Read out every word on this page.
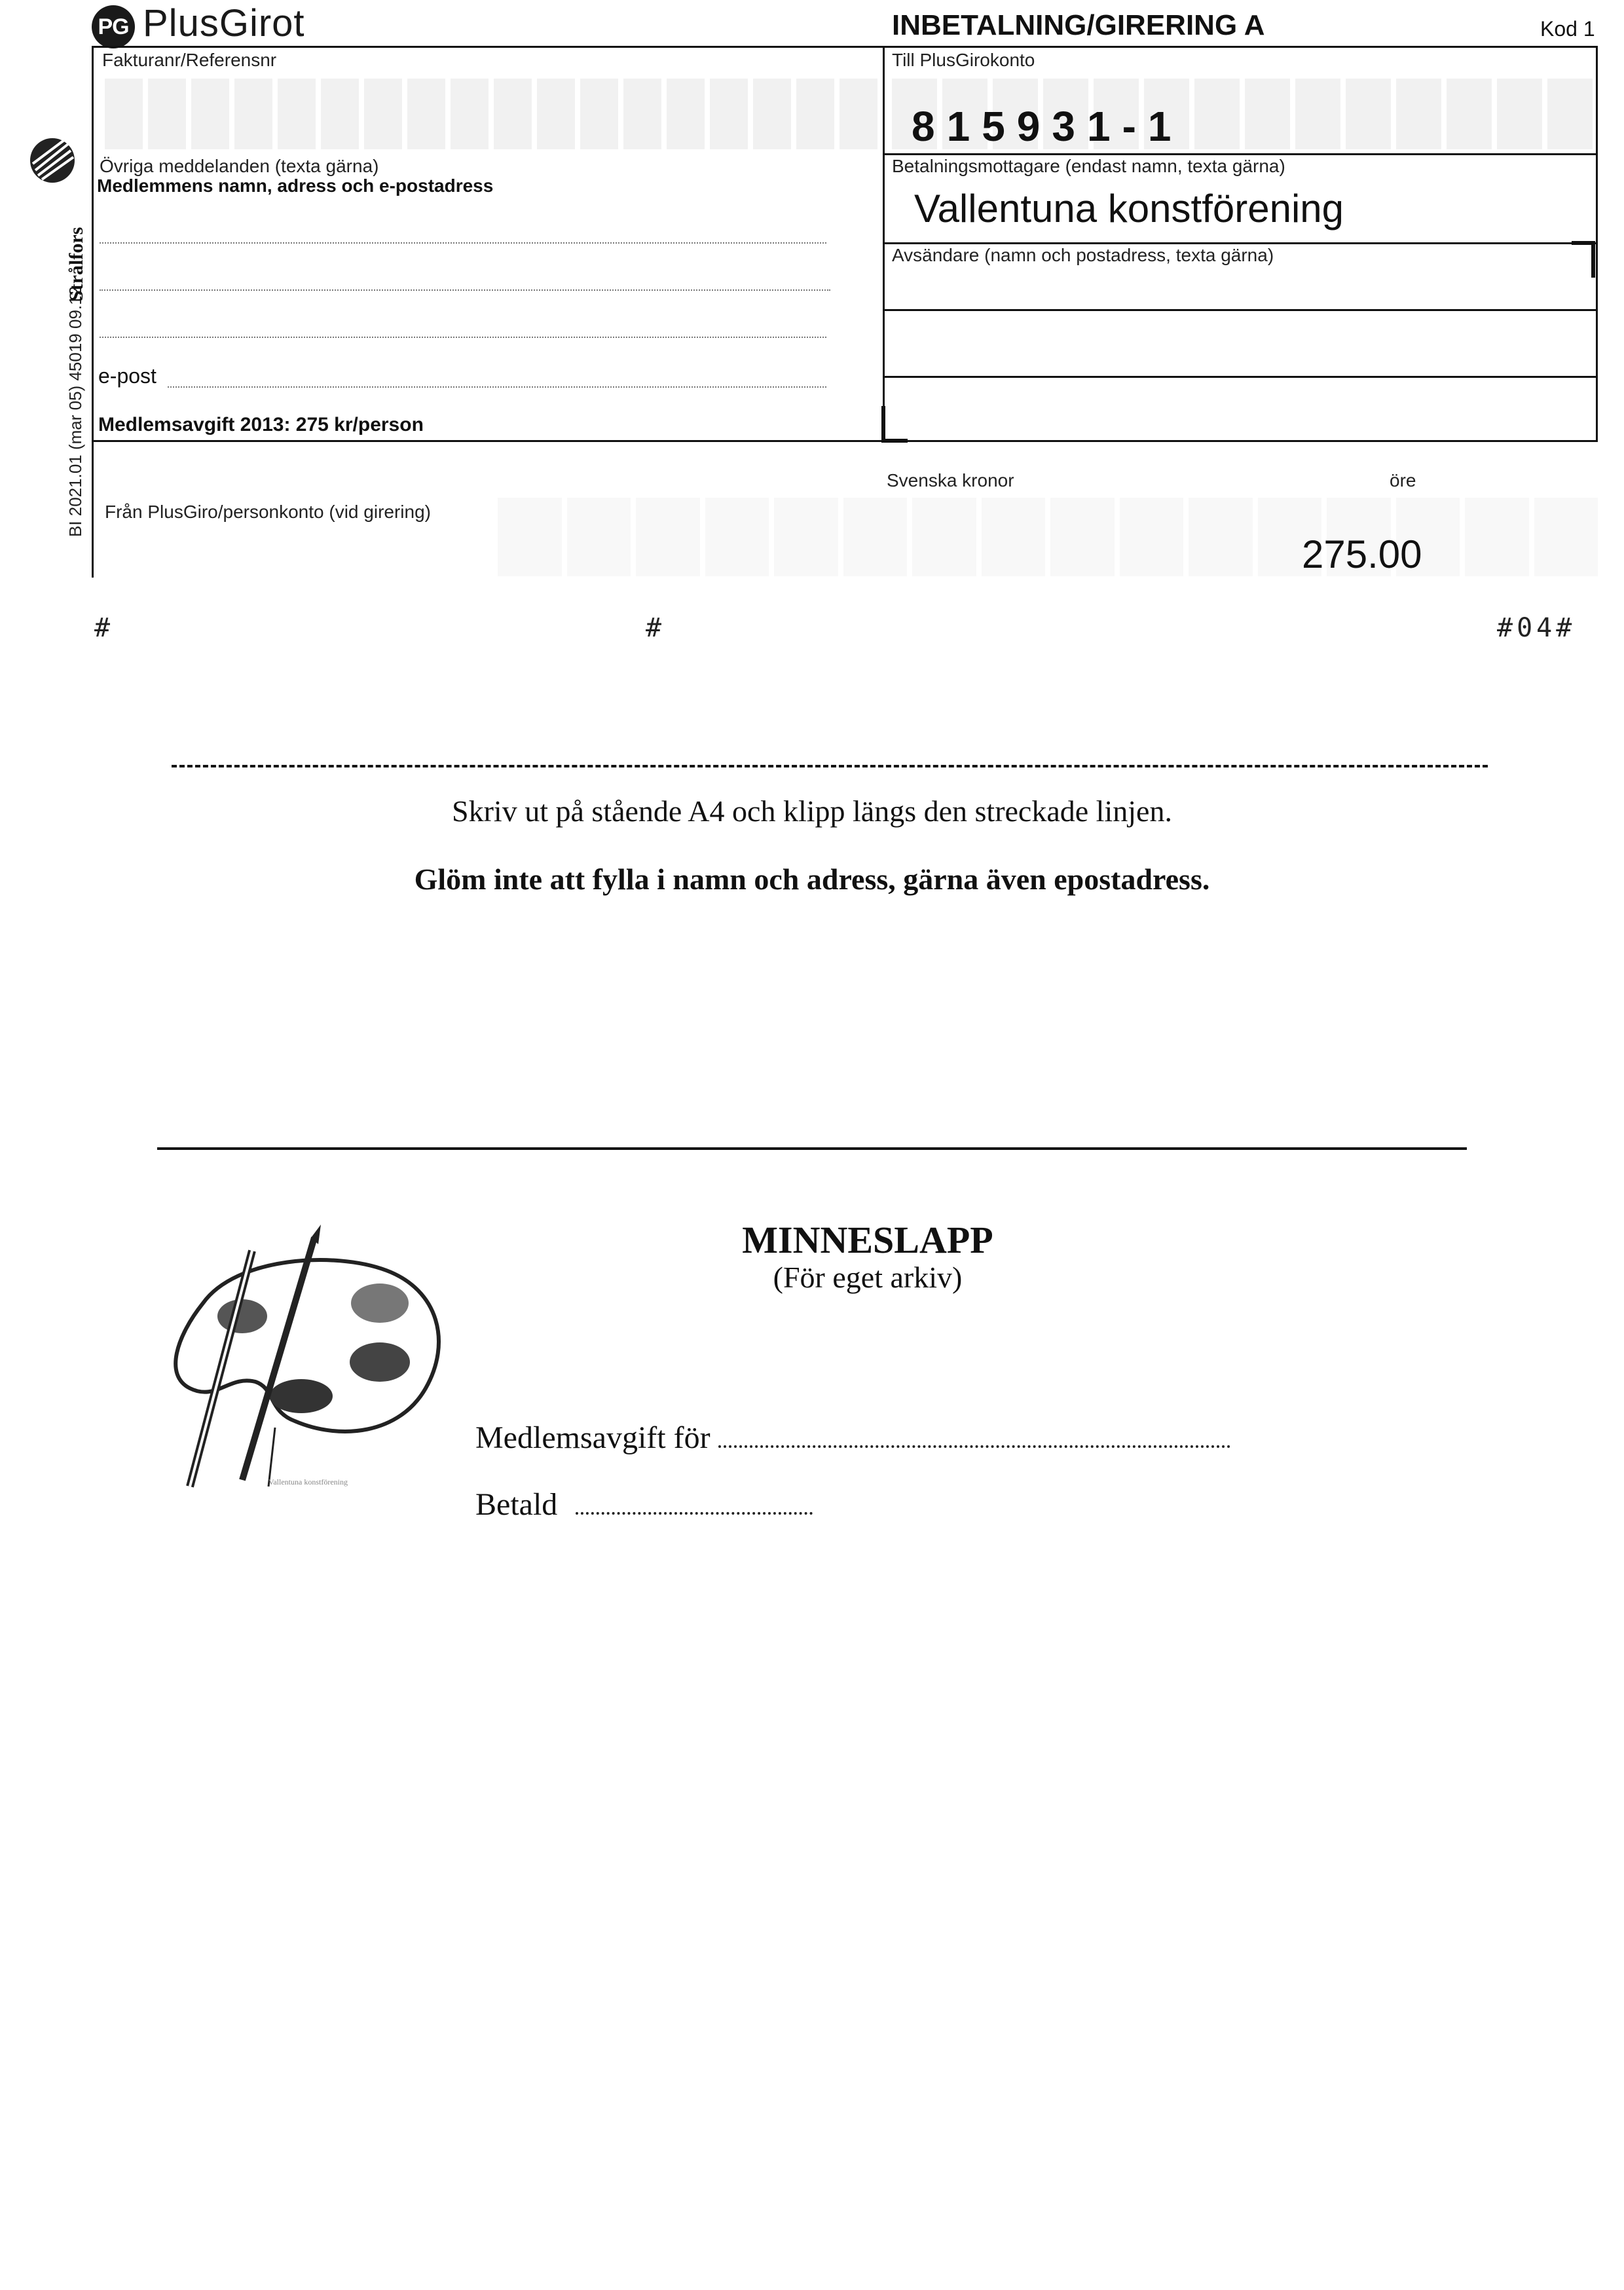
PG PlusGirot	INBETALNING/GIRERING A	Kod 1
BI 2021.01 (mar 05) 45019 09.12
Strålfors
Fakturanr/Referensnr	Till PlusGirokonto
815931-1
Betalningsmottagare (endast namn, texta gärna)
Vallentuna konstförening
Avsändare (namn och postadress, texta gärna)
Övriga meddelanden (texta gärna)
Medlemmens namn, adress och e-postadress
e-post
Medlemsavgift 2013: 275 kr/person
Svenska kronor	öre
Från PlusGiro/personkonto (vid girering)
275.00
#	#	#04#
Skriv ut på stående A4 och klipp längs den streckade linjen.
Glöm inte att fylla i namn och adress, gärna även epostadress.
MINNESLAPP
(För eget arkiv)
Vallentuna konstförening
Medlemsavgift för
Betald
